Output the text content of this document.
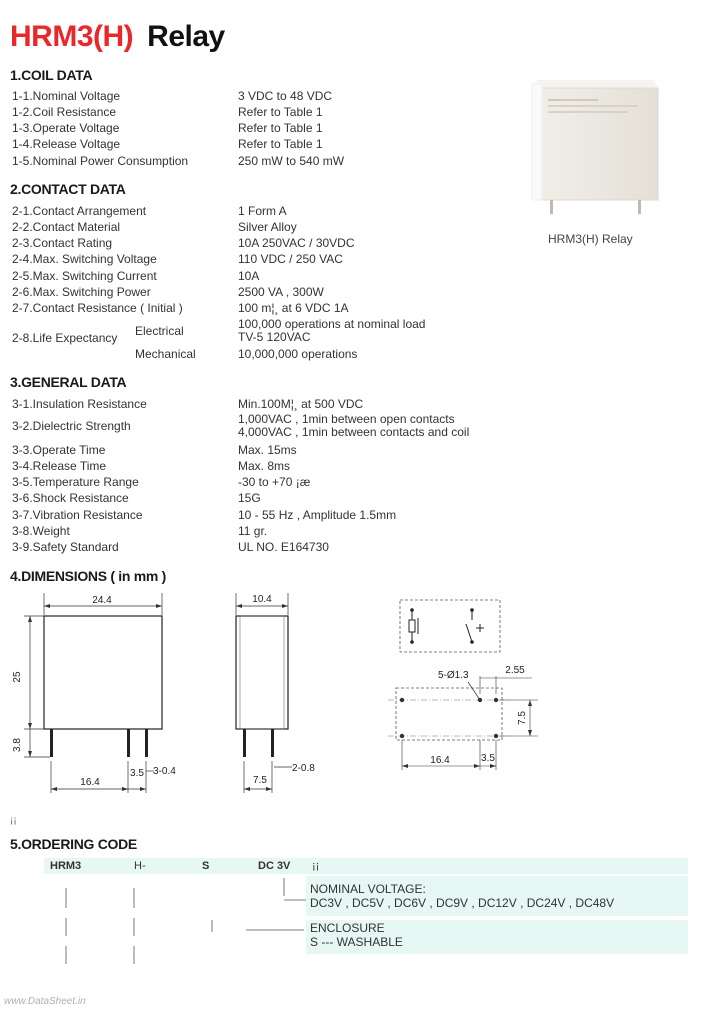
HRM3(H) Relay
HRM3(H) Relay
1.COIL DATA
1-1.Nominal Voltage	3 VDC to 48 VDC
1-2.Coil Resistance	Refer to Table 1
1-3.Operate Voltage	Refer to Table 1
1-4.Release Voltage	Refer to Table 1
1-5.Nominal Power Consumption	250 mW to 540 mW
2.CONTACT DATA
2-1.Contact Arrangement	1 Form A
2-2.Contact Material	Silver Alloy
2-3.Contact Rating	10A 250VAC / 30VDC
2-4.Max. Switching Voltage	110 VDC / 250 VAC
2-5.Max. Switching Current	10A
2-6.Max. Switching Power	2500 VA , 300W
2-7.Contact Resistance ( Initial )	100 m¦¸ at 6 VDC 1A
2-8.Life Expectancy Electrical	100,000 operations at nominal load
TV-5 120VAC
Mechanical	10,000,000 operations
3.GENERAL DATA
3-1.Insulation Resistance	Min.100M¦¸ at 500 VDC
3-2.Dielectric Strength	1,000VAC , 1min between open contacts
4,000VAC , 1min between contacts and coil
3-3.Operate Time	Max. 15ms
3-4.Release Time	Max. 8ms
3-5.Temperature Range	-30 to +70 ¡æ
3-6.Shock Resistance	15G
3-7.Vibration Resistance	10 - 55 Hz , Amplitude 1.5mm
3-8.Weight	11 gr.
3-9.Safety Standard	UL NO. E164730
4.DIMENSIONS ( in mm )
24.4
25
3.8
16.4
3.5 3-0.4
10.4
7.5
2-0.8
5-Ø1.3	2.55
7.5
16.4	3.5
¡¡
5.ORDERING CODE
HRM3	H-	S	DC 3V ¡¡
NOMINAL VOLTAGE:
DC3V , DC5V , DC6V , DC9V , DC12V , DC24V , DC48V
ENCLOSURE
S --- WASHABLE
www.DataSheet.in
